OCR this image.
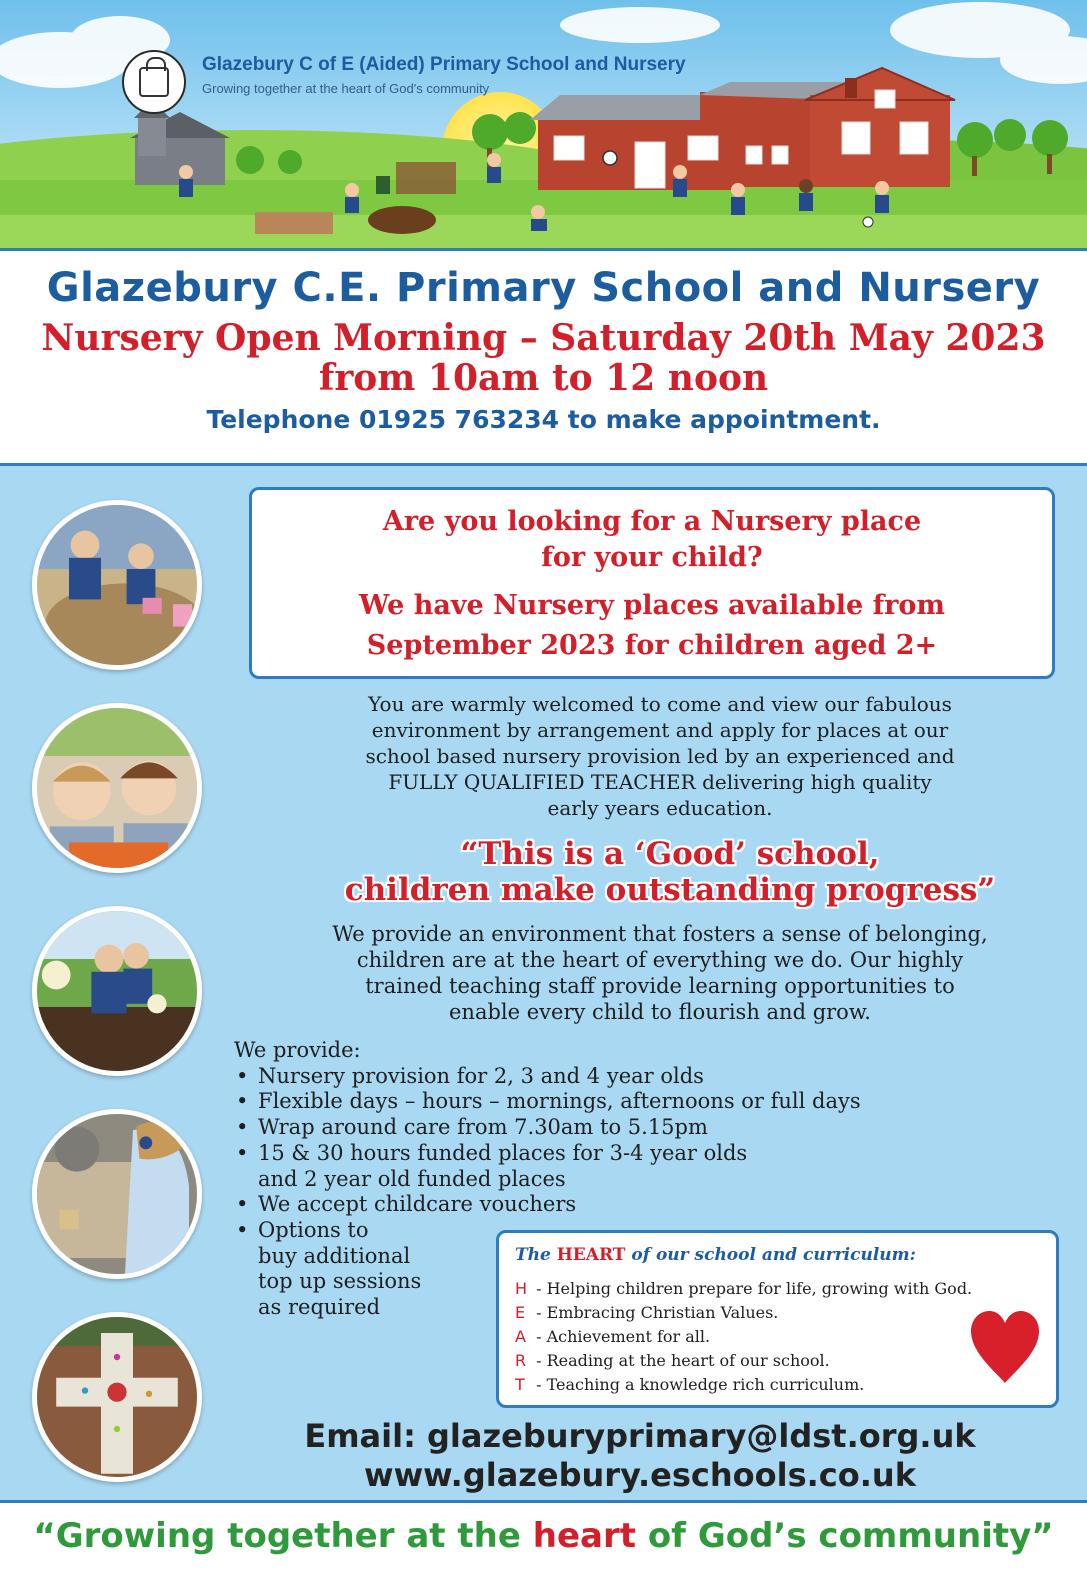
Glazebury C of E (Aided) Primary School and Nursery
Growing together at the heart of God's community
Glazebury C.E. Primary School and Nursery
Nursery Open Morning – Saturday 20th May 2023
from 10am to 12 noon
Telephone 01925 763234 to make appointment.
Are you looking for a Nursery place
for your child?
We have Nursery places available from
September 2023 for children aged 2+
You are warmly welcomed to come and view our fabulous
environment by arrangement and apply for places at our
school based nursery provision led by an experienced and
FULLY QUALIFIED TEACHER delivering high quality
early years education.
“This is a ‘Good’ school,
children make outstanding progress”
We provide an environment that fosters a sense of belonging,
children are at the heart of everything we do. Our highly
trained teaching staff provide learning opportunities to
enable every child to flourish and grow.
We provide:
• Nursery provision for 2, 3 and 4 year olds
• Flexible days – hours – mornings, afternoons or full days
• Wrap around care from 7.30am to 5.15pm
• 15 & 30 hours funded places for 3-4 year olds
and 2 year old funded places
• We accept childcare vouchers
• Options to
buy additional
top up sessions
as required
The HEART of our school and curriculum:
H - Helping children prepare for life, growing with God.
E - Embracing Christian Values.
A - Achievement for all.
R - Reading at the heart of our school.
T - Teaching a knowledge rich curriculum.
Email: glazeburyprimary@ldst.org.uk
www.glazebury.eschools.co.uk
“Growing together at the heart of God’s community”
